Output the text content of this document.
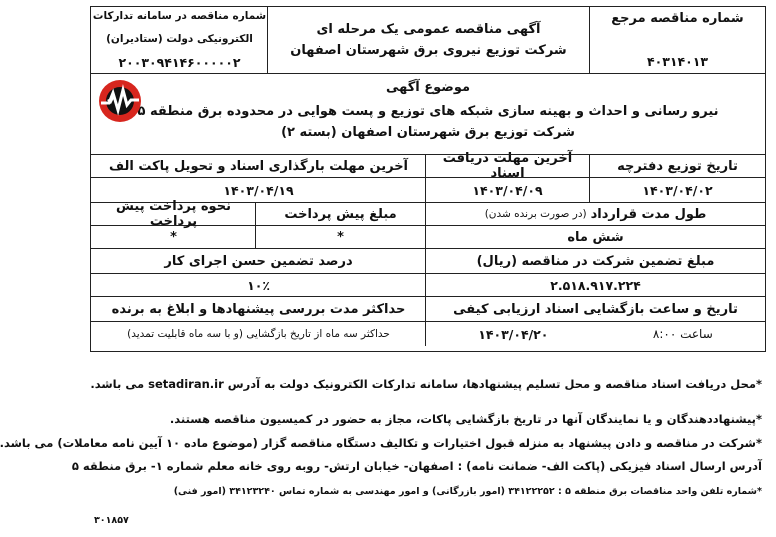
شماره مناقصه مرجع
۴۰۳۱۴۰۱۳
آگهی مناقصه عمومی یک مرحله ای
شرکت توزیع نیروی برق شهرستان اصفهان
شماره مناقصه در سامانه تدارکات
الکترونیکی دولت (ستادیران)
۲۰۰۳۰۹۴۱۴۶۰۰۰۰۰۲
موضوع آگهی
نیرو رسانی و احداث و بهینه سازی شبکه های توزیع و پست هوایی در محدوده برق منطقه ۵
شرکت توزیع برق شهرستان اصفهان (بسته ۲)
تاریخ توزیع دفترچه
آخرین مهلت دریافت اسناد
آخرین مهلت بارگذاری اسناد و تحویل پاکت الف
۱۴۰۳/۰۴/۰۲
۱۴۰۳/۰۴/۰۹
۱۴۰۳/۰۴/۱۹
طول مدت قرارداد
(در صورت برنده شدن)
مبلغ پیش پرداخت
نحوه پرداخت پیش پرداخت
شش ماه
*
*
مبلغ تضمین شرکت در مناقصه (ریال)
درصد تضمین حسن اجرای کار
۲.۵۱۸.۹۱۷.۲۲۴
۱۰٪
تاریخ و ساعت بازگشایی اسناد ارزیابی کیفی
حداکثر مدت بررسی پیشنهادها و ابلاغ به برنده
ساعت ۸:۰۰
۱۴۰۳/۰۴/۲۰
حداکثر سه ماه از تاریخ بازگشایی (و با سه ماه قابلیت تمدید)
*محل دریافت اسناد مناقصه و محل تسلیم پیشنهادها، سامانه تدارکات الکترونیک دولت به آدرس setadiran.ir می باشد.
*پیشنهاددهندگان و یا نمایندگان آنها در تاریخ بازگشایی پاکات، مجاز به حضور در کمیسیون مناقصه هستند.
*شرکت در مناقصه و دادن پیشنهاد به منزله قبول اختیارات و تکالیف دستگاه مناقصه گزار (موضوع ماده ۱۰ آیین نامه معاملات) می باشد.
آدرس ارسال اسناد فیزیکی (پاکت الف- ضمانت نامه) : اصفهان- خیابان ارتش- روبه روی خانه معلم شماره ۱- برق منطقه ۵
*شماره تلفن واحد مناقصات برق منطقه ۵ : ۳۴۱۲۲۲۵۲ (امور بازرگانی) و امور مهندسی به شماره تماس ۳۴۱۲۳۲۴۰ (امور فنی)
۳۰۱۸۵۷
